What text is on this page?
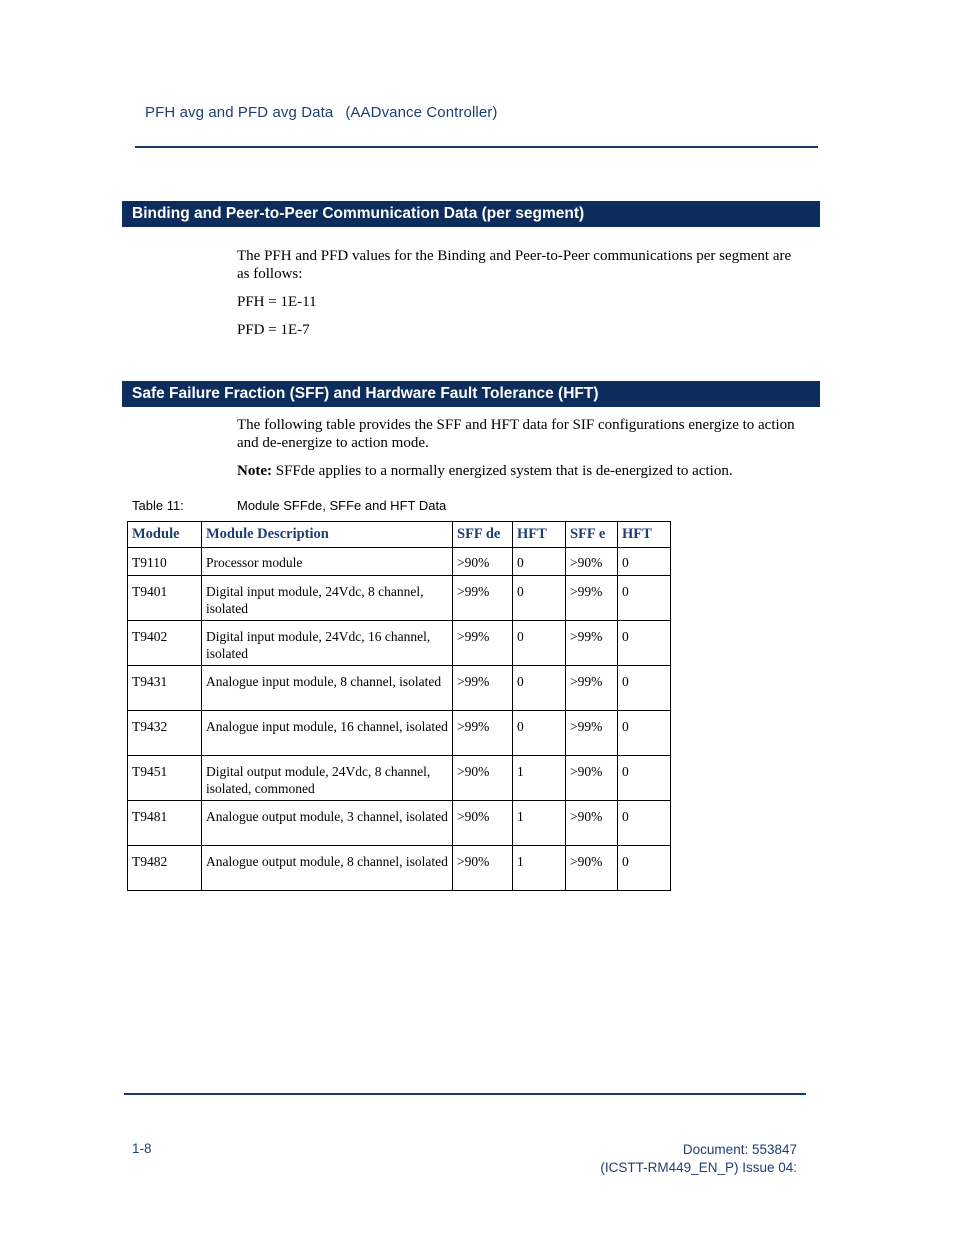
PFH avg and PFD avg Data (AADvance Controller)
Binding and Peer-to-Peer Communication Data (per segment)

The PFH and PFD values for the Binding and Peer-to-Peer communications per segment are as follows:

PFH = 1E-11

PFD = 1E-7

Safe Failure Fraction (SFF) and Hardware Fault Tolerance (HFT)

The following table provides the SFF and HFT data for SIF configurations energize to action and de-energize to action mode.

Note: SFFde applies to a normally energized system that is de-energized to action.

Table 11:	Module SFFde, SFFe and HFT Data
Module	Module Description	SFF de	HFT	SFF e	HFT
T9110	Processor module	>90%	0	>90%	0
T9401	Digital input module, 24Vdc, 8 channel, isolated	>99%	0	>99%	0
T9402	Digital input module, 24Vdc, 16 channel, isolated	>99%	0	>99%	0
T9431	Analogue input module, 8 channel, isolated	>99%	0	>99%	0
T9432	Analogue input module, 16 channel, isolated	>99%	0	>99%	0
T9451	Digital output module, 24Vdc, 8 channel, isolated, commoned	>90%	1	>90%	0
T9481	Analogue output module, 3 channel, isolated	>90%	1	>90%	0
T9482	Analogue output module, 8 channel, isolated	>90%	1	>90%	0
1-8	Document: 553847
(ICSTT-RM449_EN_P) Issue 04:
